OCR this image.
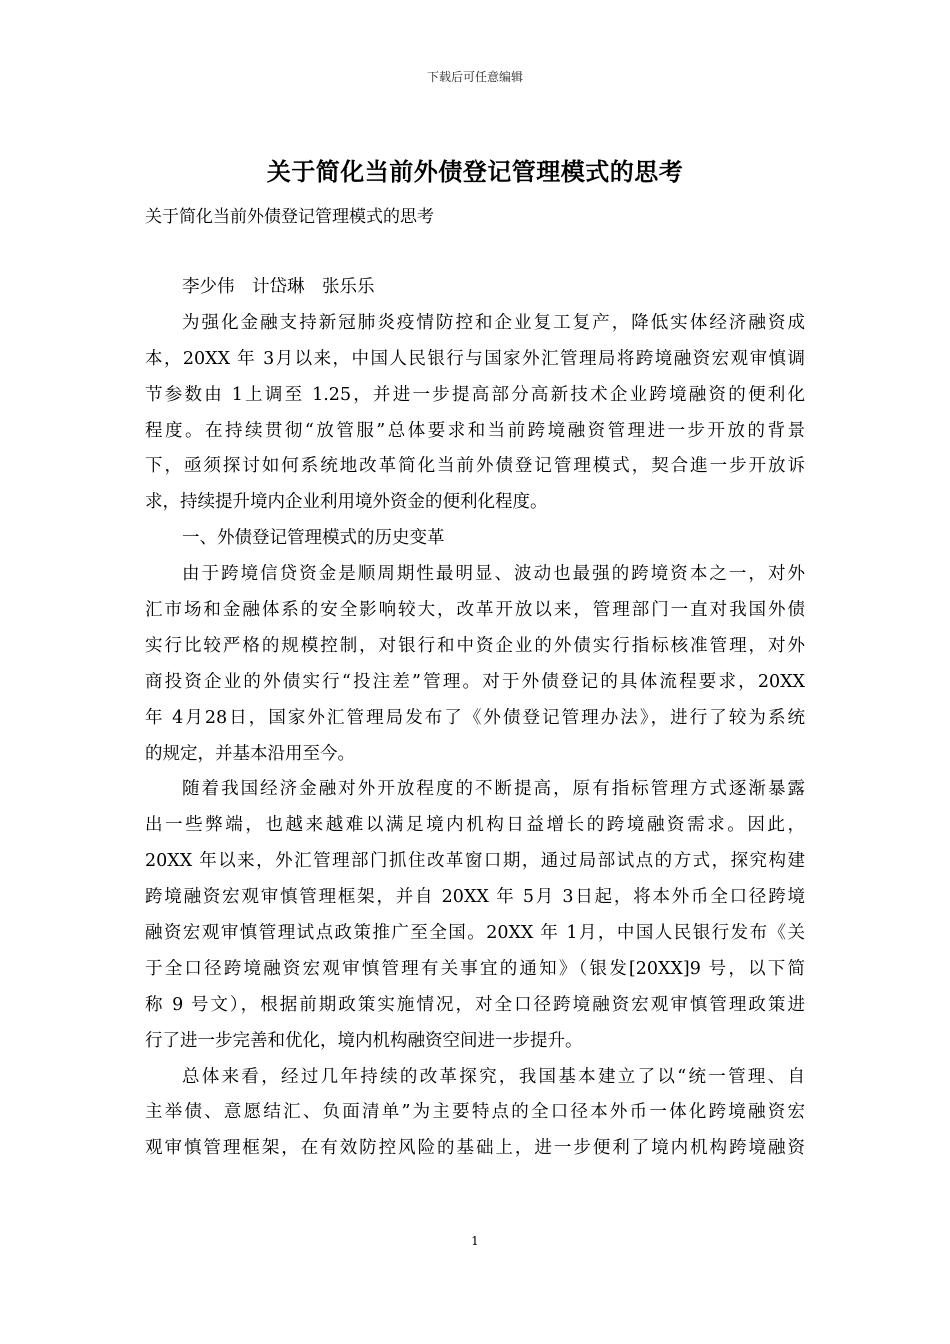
下载后可任意编辑
关于简化当前外债登记管理模式的思考
关于简化当前外债登记管理模式的思考
李少伟　计岱琳　张乐乐
为强化金融支持新冠肺炎疫情防控和企业复工复产，降低实体经济融资成
本，20XX 年 3月以来，中国人民银行与国家外汇管理局将跨境融资宏观审慎调
节参数由 1上调至 1.25，并进一步提高部分高新技术企业跨境融资的便利化
程度。在持续贯彻“放管服”总体要求和当前跨境融资管理进一步开放的背景
下，亟须探讨如何系统地改革简化当前外债登记管理模式，契合進一步开放诉
求，持续提升境内企业利用境外资金的便利化程度。
一、外债登记管理模式的历史变革
由于跨境信贷资金是顺周期性最明显、波动也最强的跨境资本之一，对外
汇市场和金融体系的安全影响较大，改革开放以来，管理部门一直对我国外债
实行比较严格的规模控制，对银行和中资企业的外债实行指标核准管理，对外
商投资企业的外债实行“投注差”管理。对于外债登记的具体流程要求，20XX
年 4月28日，国家外汇管理局发布了《外债登记管理办法》，进行了较为系统
的规定，并基本沿用至今。
随着我国经济金融对外开放程度的不断提高，原有指标管理方式逐渐暴露
出一些弊端，也越来越难以满足境内机构日益增长的跨境融资需求。因此，
20XX 年以来，外汇管理部门抓住改革窗口期，通过局部试点的方式，探究构建
跨境融资宏观审慎管理框架，并自 20XX 年 5月 3日起，将本外币全口径跨境
融资宏观审慎管理试点政策推广至全国。20XX 年 1月，中国人民银行发布《关
于全口径跨境融资宏观审慎管理有关事宜的通知》（银发[20XX]9 号，以下简
称 9 号文），根据前期政策实施情况，对全口径跨境融资宏观审慎管理政策进
行了进一步完善和优化，境内机构融资空间进一步提升。
总体来看，经过几年持续的改革探究，我国基本建立了以“统一管理、自
主举债、意愿结汇、负面清单”为主要特点的全口径本外币一体化跨境融资宏
观审慎管理框架，在有效防控风险的基础上，进一步便利了境内机构跨境融资
1
